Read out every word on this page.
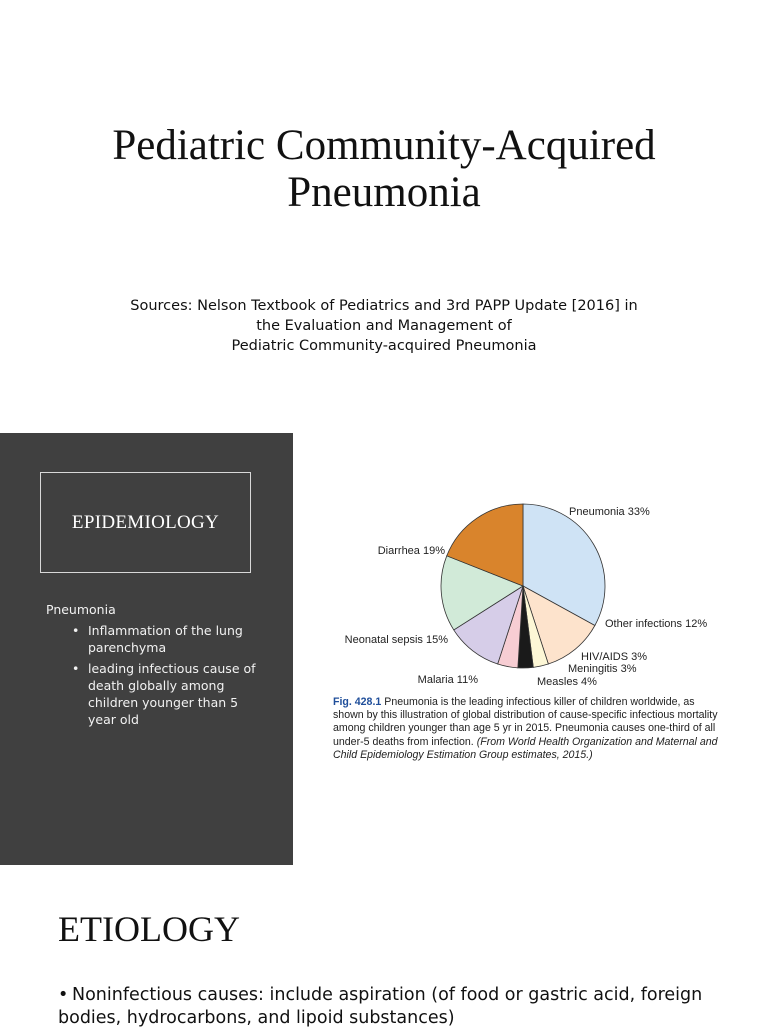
Pediatric Community-Acquired
Pneumonia
Sources: Nelson Textbook of Pediatrics and 3rd PAPP Update [2016] in
the Evaluation and Management of
Pediatric Community-acquired Pneumonia
EPIDEMIOLOGY
Pneumonia
• Inflammation of the lung parenchyma
• leading infectious cause of death globally among children younger than 5 year old
Pneumonia 33%
Other infections 12%
HIV/AIDS 3%
Meningitis 3%
Measles 4%
Malaria 11%
Neonatal sepsis 15%
Diarrhea 19%
Fig. 428.1 Pneumonia is the leading infectious killer of children worldwide, as shown by this illustration of global distribution of cause-specific infectious mortality among children younger than age 5 yr in 2015. Pneumonia causes one-third of all under-5 deaths from infection. (From World Health Organization and Maternal and Child Epidemiology Estimation Group estimates, 2015.)
ETIOLOGY
• Noninfectious causes: include aspiration (of food or gastric acid, foreign bodies, hydrocarbons, and lipoid substances)
